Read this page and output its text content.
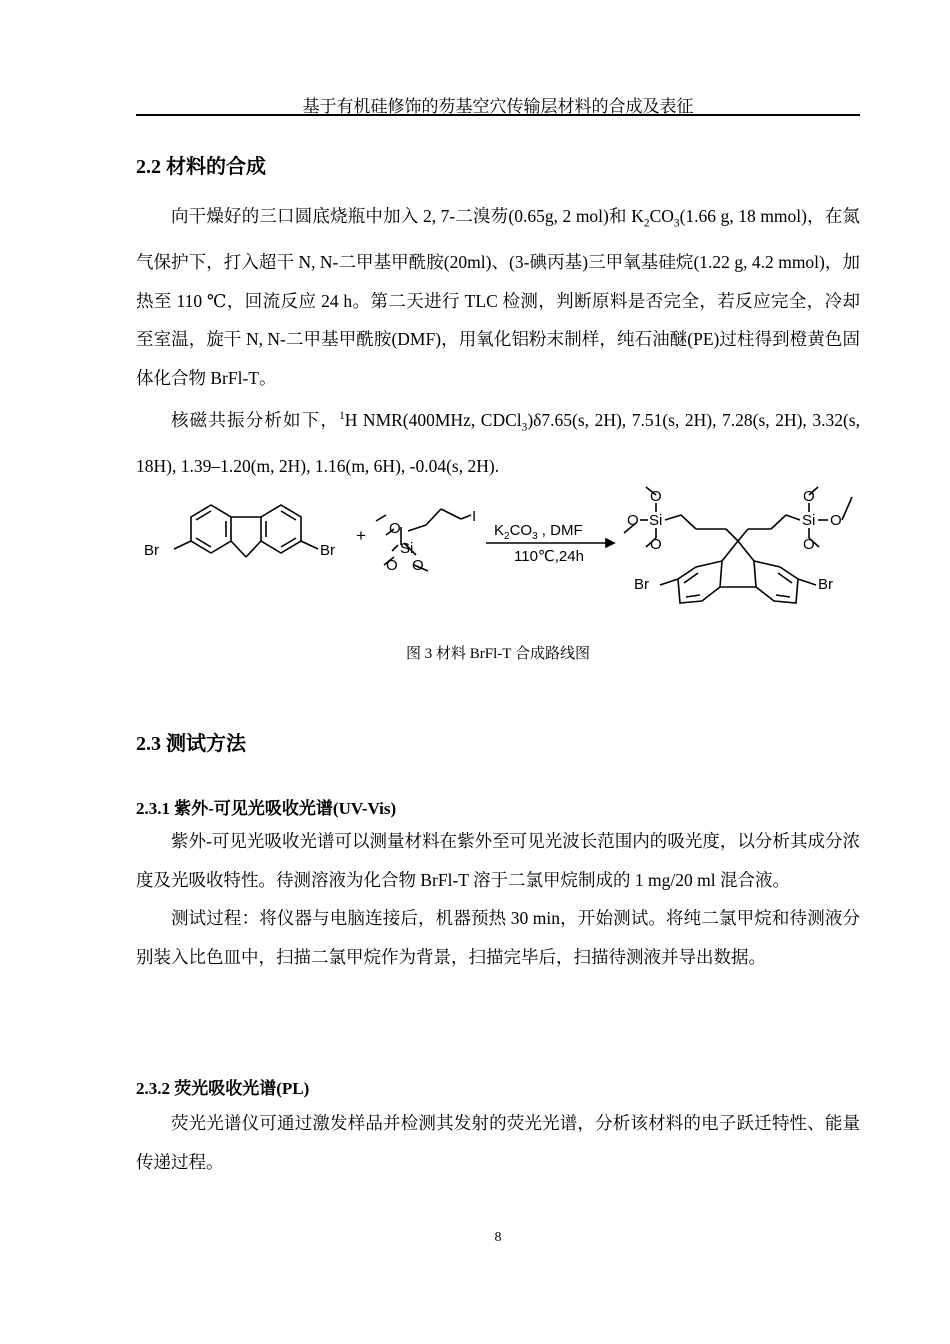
基于有机硅修饰的芴基空穴传输层材料的合成及表征
2.2 材料的合成

向干燥好的三口圆底烧瓶中加入 2, 7-二溴芴(0.65g, 2 mol)和 $K_2CO_3(1.66$ g, 18 mmol)，在氮气保护下，打入超干 N, N-二甲基甲酰胺(20ml)、(3-碘丙基)三甲氧基硅烷(1.22 g, 4.2 mmol)，加热至 110 ℃，回流反应 24 h。第二天进行 TLC 检测，判断原料是否完全，若反应完全，冷却至室温，旋干 N, N-二甲基甲酰胺(DMF)，用氧化铝粉末制样，纯石油醚(PE)过柱得到橙黄色固体化合物 BrFl-T。

核磁共振分析如下，$^1$H NMR(400MHz, CDCl$_3$)δ7.65(s, 2H), 7.51(s, 2H), 7.28(s, 2H), 3.32(s, 18H), 1.39–1.20(m, 2H), 1.16(m, 6H), -0.04(s, 2H).

Br	Br
+ O
Si
O O
I
$K_2CO_3$ , DMF
110℃,24h
O
O Si
O
O
Si O
O
Br	Br
图 3 材料 BrFl-T 合成路线图
2.3 测试方法
2.3.1 紫外-可见光吸收光谱(UV-Vis)

紫外-可见光吸收光谱可以测量材料在紫外至可见光波长范围内的吸光度，以分析其成分浓度及光吸收特性。待测溶液为化合物 BrFl-T 溶于二氯甲烷制成的 1 mg/20 ml 混合液。

测试过程：将仪器与电脑连接后，机器预热 30 min，开始测试。将纯二氯甲烷和待测液分别装入比色皿中，扫描二氯甲烷作为背景，扫描完毕后，扫描待测液并导出数据。

2.3.2 荧光吸收光谱(PL)

荧光光谱仪可通过激发样品并检测其发射的荧光光谱，分析该材料的电子跃迁特性、能量传递过程。

8
